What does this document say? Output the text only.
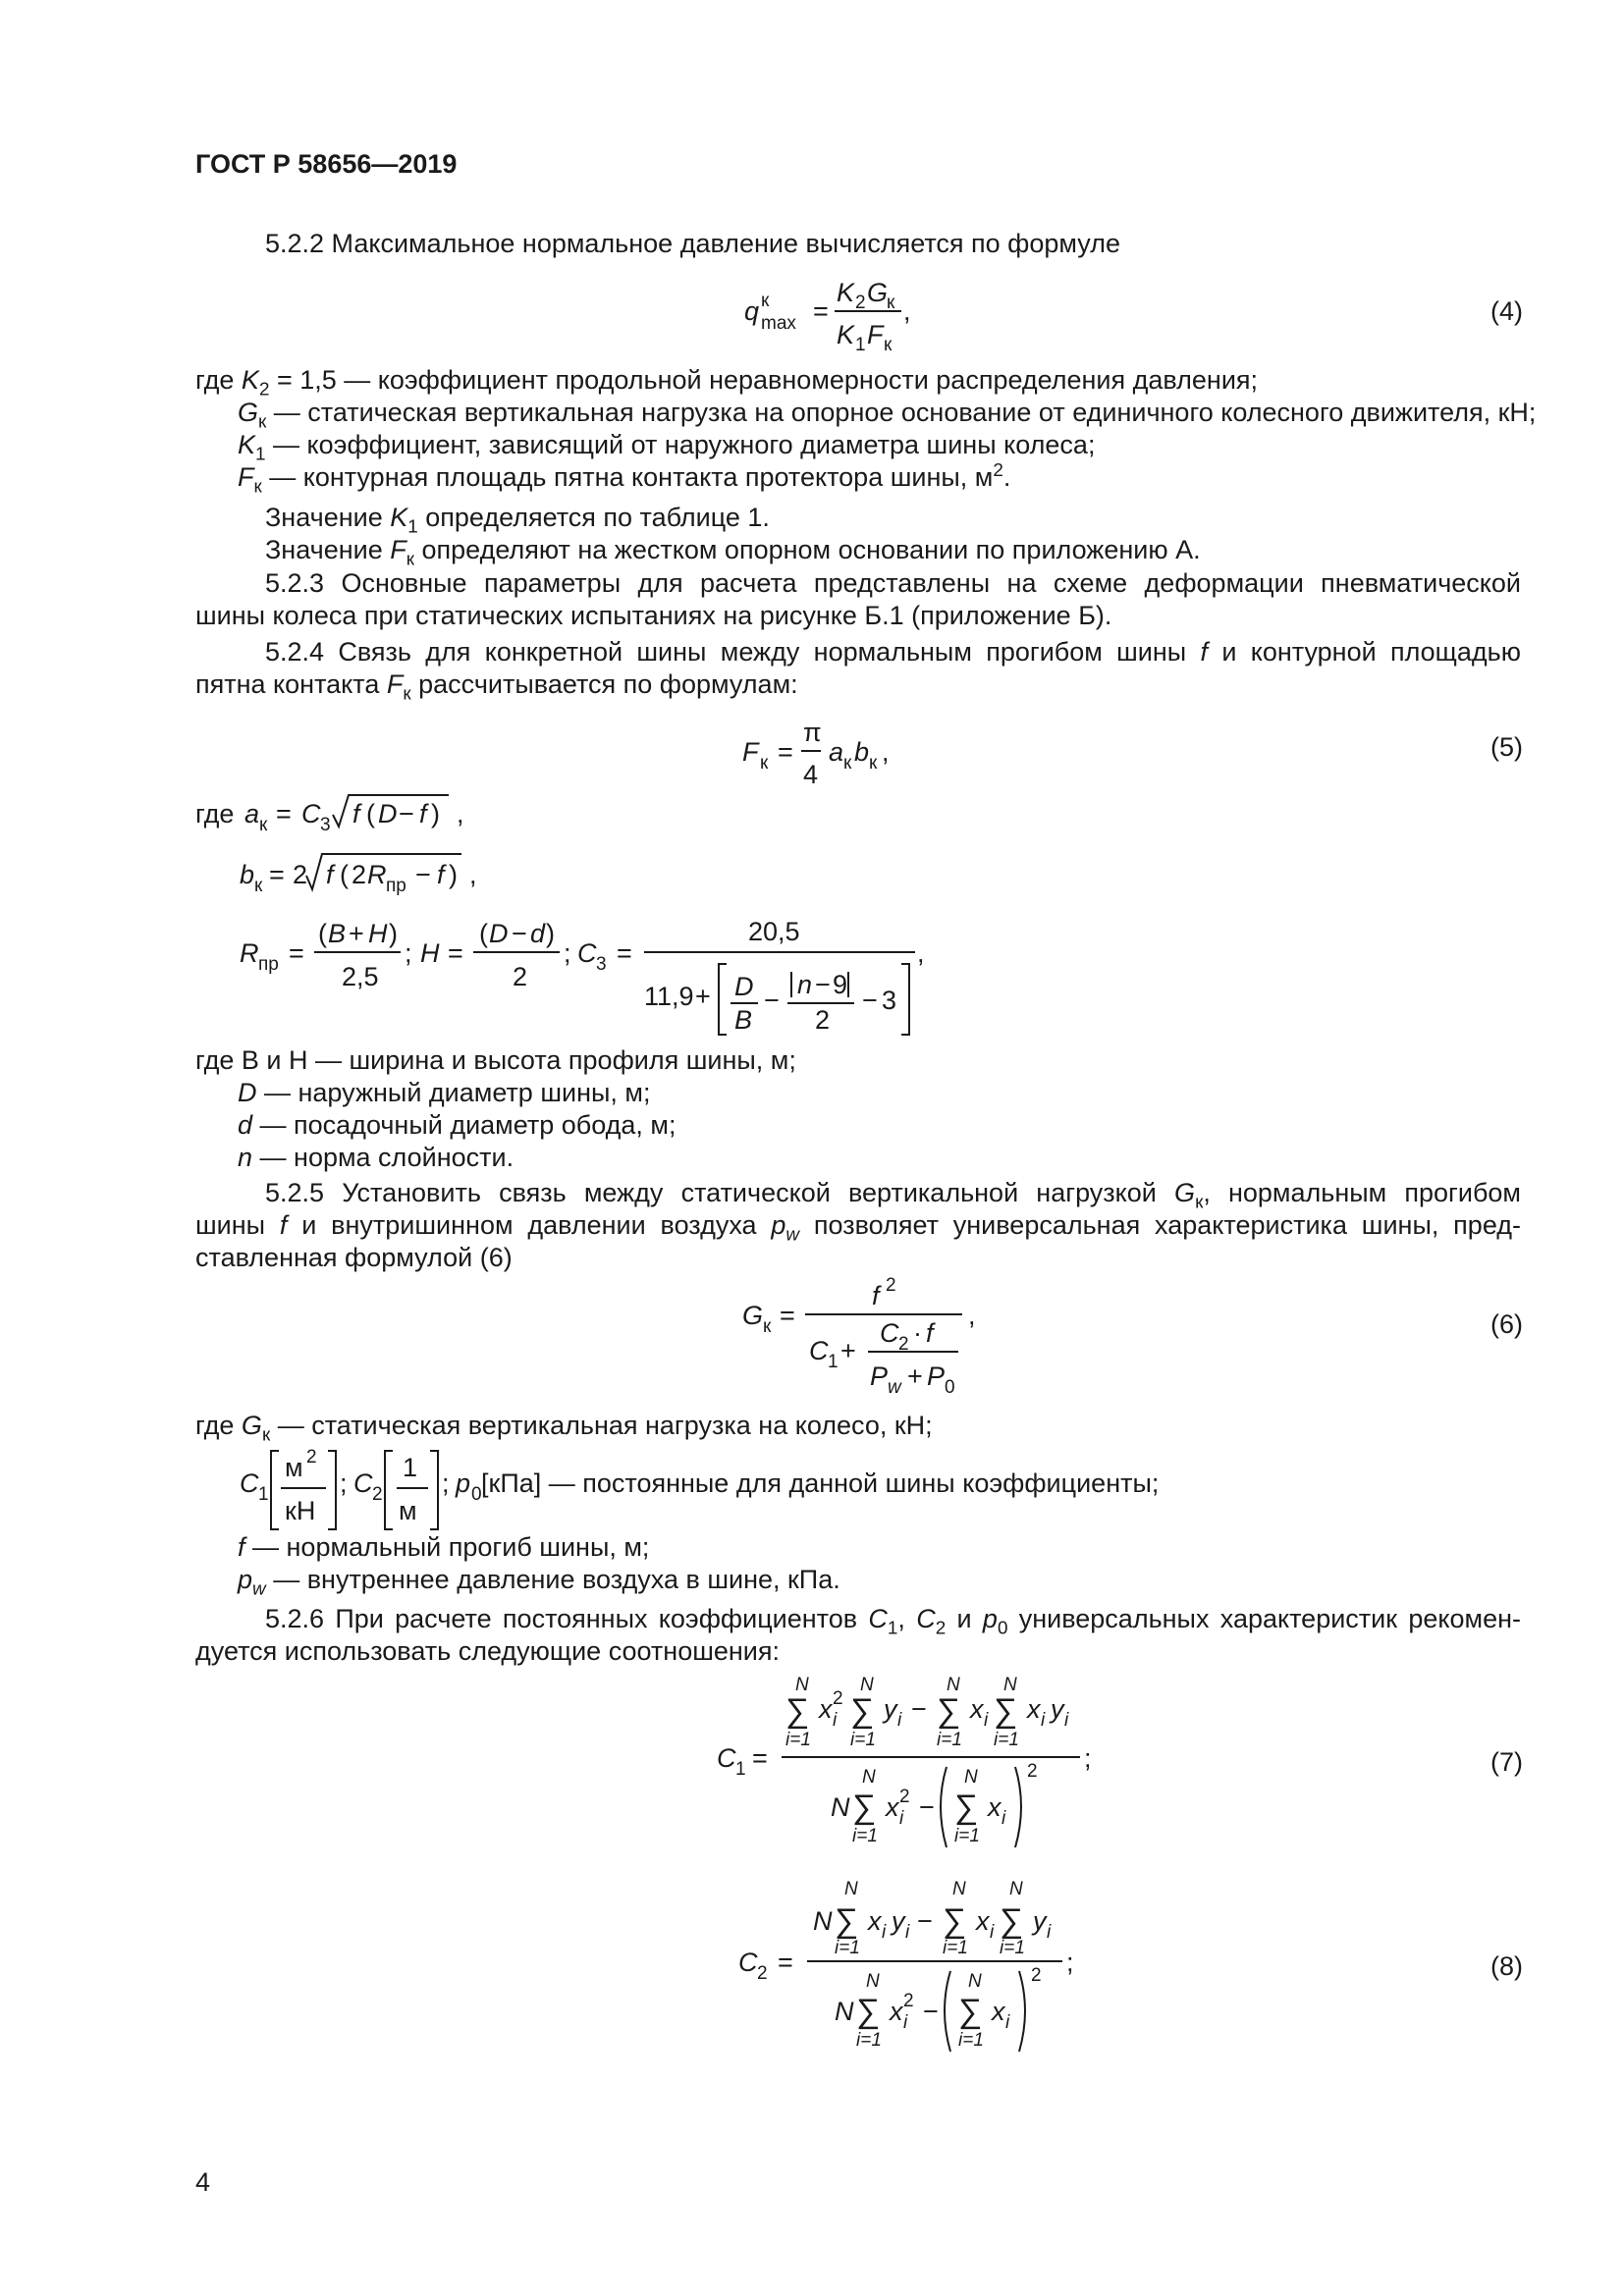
ГОСТ Р 58656—2019
5.2.2 Максимальное нормальное давление вычисляется по формуле
q к
max =
K 2 G
к
K 1 F к
,	(4)
где $K_2 = 1,5$ — коэффициент продольной неравномерности распределения давления;
$G_к$ — статическая вертикальная нагрузка на опорное основание от единичного колесного движителя, кН;
$K_1$ — коэффициент, зависящий от наружного диаметра шины колеса;
$F_к$ — контурная площадь пятна контакта протектора шины, $м^2$.
Значение $K_1$ определяется по таблице 1.
Значение $F_к$ определяют на жестком опорном основании по приложению А.
5.2.3 Основные параметры для расчета представлены на схеме деформации пневматической
шины колеса при статических испытаниях на рисунке Б.1 (приложение Б).
5.2.4 Связь для конкретной шины между нормальным прогибом шины f и контурной площадью
пятна контакта $F_к$ рассчитывается по формулам:
F к =
π
4
a к b к ,	(5)
где a к = C 3 f ( D − f ) ,
b к = 2 f ( 2 R пр − f ) ,
R пр =
( B + H )
2,5
; H =
( D − d )
2
; C 3 =
20,5
11,9 + D
B
−
n − 9
2
− 3
,
где B и H — ширина и высота профиля шины, м;
D — наружный диаметр шины, м;
d — посадочный диаметр обода, м;
n — норма слойности.
5.2.5 Установить связь между статической вертикальной нагрузкой $G_к$, нормальным прогибом
шины f и внутришинном давлении воздуха $p_w$ позволяет универсальная характеристика шины, пред-
ставленная формулой (6)
G к =
f 2
C 1 +
C 2 · f
P w + P 0
,	(6)
где $G_к$ — статическая вертикальная нагрузка на колесо, кН;
C 1
м 2
кН
; C 2
1
м
; p 0 [кПа] — постоянные для данной шины коэффициенты;
f — нормальный прогиб шины, м;
$p_w$ — внутреннее давление воздуха в шине, кПа.
5.2.6 При расчете постоянных коэффициентов $C_1$, $C_2$ и $p_0$ универсальных характеристик рекомен-
дуется использовать следующие соотношения:
C 1 =
N
∑
i=1
x 2
i
N
∑
i=1
y i −
N
∑
i=1
x i
N
∑
i=1
x i y i
N
N
∑
i=1
x 2
i −
N
∑
i=1
x i
2 ;	(7)
C 2 =
N
N
∑
i=1
x i y i −
N
∑
i=1
x i
N
∑
i=1
y i
N
N
∑
i=1
x 2
i −
N
∑
i=1
x i
2 ;	(8)
4
